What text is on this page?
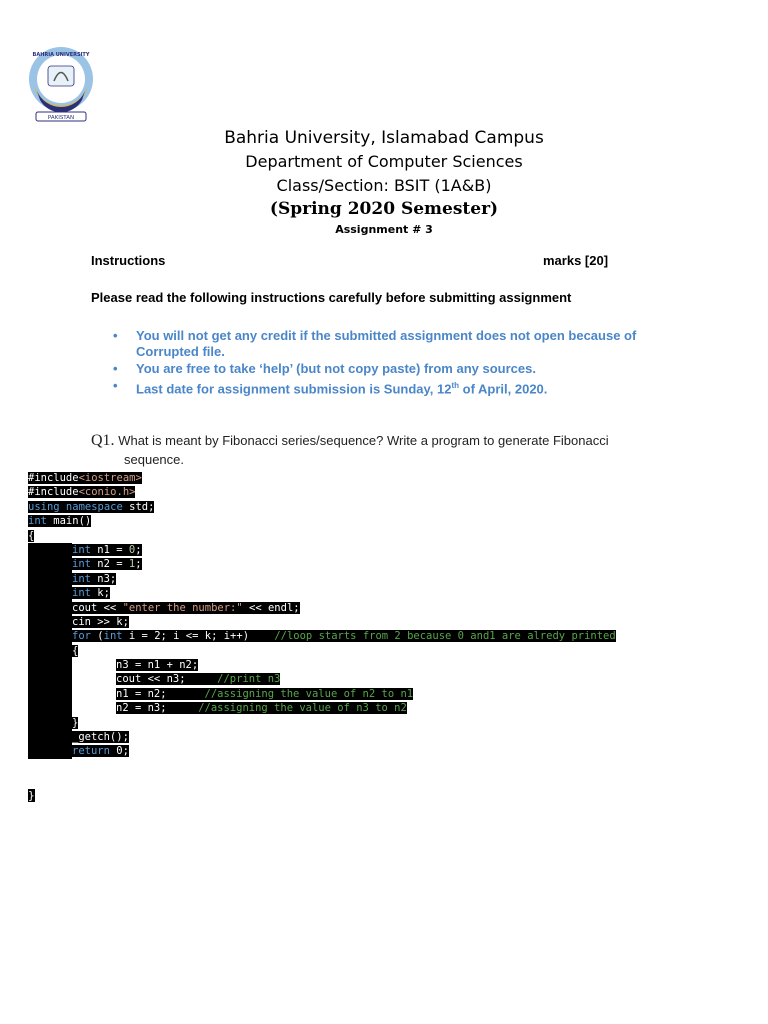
PAKISTAN
BAHRIA UNIVERSITY
Bahria University, Islamabad Campus
Department of Computer Sciences
Class/Section: BSIT (1A&B)
(Spring 2020 Semester)
Assignment # 3
Instructions	marks [20]
Please read the following instructions carefully before submitting assignment
• You will not get any credit if the submitted assignment does not open because of Corrupted file.
• You are free to take ‘help’ (but not copy paste) from any sources.
• Last date for assignment submission is Sunday, 12th of April, 2020.
Q1. What is meant by Fibonacci series/sequence? Write a program to generate Fibonacci
sequence.
#include<iostream>
#include<conio.h>
using namespace std;
int main()
{
int n1 = 0;
int n2 = 1;
int n3;
int k;
cout << "enter the number:" << endl;
cin >> k;
for (int i = 2; i <= k; i++) //loop starts from 2 because 0 and1 are alredy printed
{
n3 = n1 + n2;
cout << n3;	//print n3
n1 = n2;	//assigning the value of n2 to n1
n2 = n3;	//assigning the value of n3 to n2
}
_getch();
return 0;
}
